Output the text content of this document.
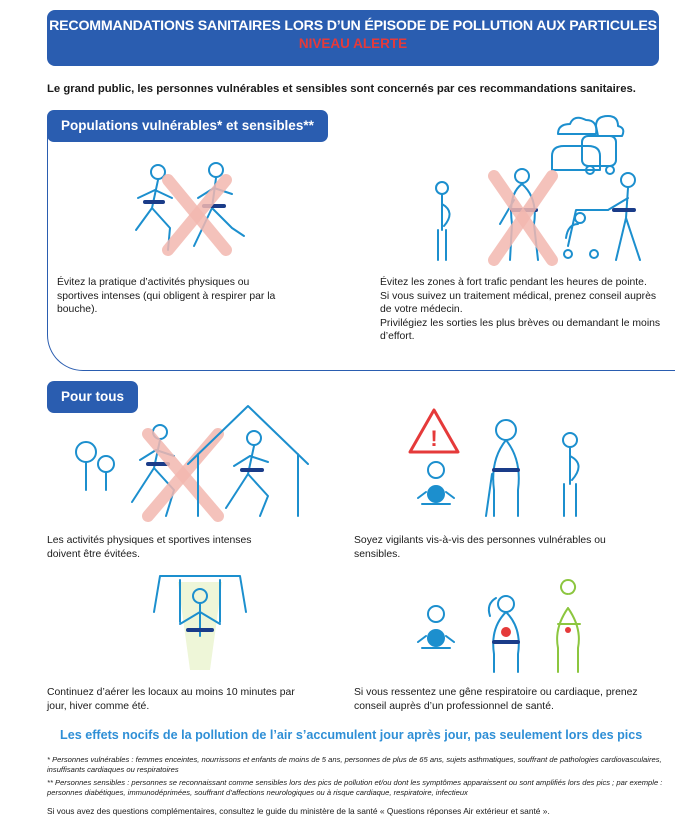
RECOMMANDATIONS SANITAIRES LORS D’UN ÉPISODE DE POLLUTION AUX PARTICULES
NIVEAU ALERTE
Le grand public, les personnes vulnérables et sensibles sont concernés par ces recommandations sanitaires.
Populations vulnérables* et sensibles**
Évitez la pratique d’activités physiques ou sportives intenses (qui obligent à respirer par la bouche).
Évitez les zones à fort trafic pendant les heures de pointe.
Si vous suivez un traitement médical, prenez conseil auprès de votre médecin.
Privilégiez les sorties les plus brèves ou demandant le moins d’effort.
Pour tous
!
Les activités physiques et sportives intenses doivent être évitées.
Soyez vigilants vis-à-vis des personnes vulnérables ou sensibles.
Continuez d’aérer les locaux au moins 10 minutes par jour, hiver comme été.
Si vous ressentez une gêne respiratoire ou cardiaque, prenez conseil auprès d’un professionnel de santé.
Les effets nocifs de la pollution de l’air s’accumulent jour après jour, pas seulement lors des pics
* Personnes vulnérables : femmes enceintes, nourrissons et enfants de moins de 5 ans, personnes de plus de 65 ans, sujets asthmatiques, souffrant de pathologies cardiovasculaires, insuffisants cardiaques ou respiratoires
** Personnes sensibles : personnes se reconnaissant comme sensibles lors des pics de pollution et/ou dont les symptômes apparaissent ou sont amplifiés lors des pics ; par exemple : personnes diabétiques, immunodéprimées, souffrant d’affections neurologiques ou à risque cardiaque, respiratoire, infectieux
Si vous avez des questions complémentaires, consultez le guide du ministère de la santé « Questions réponses Air extérieur et santé ».
